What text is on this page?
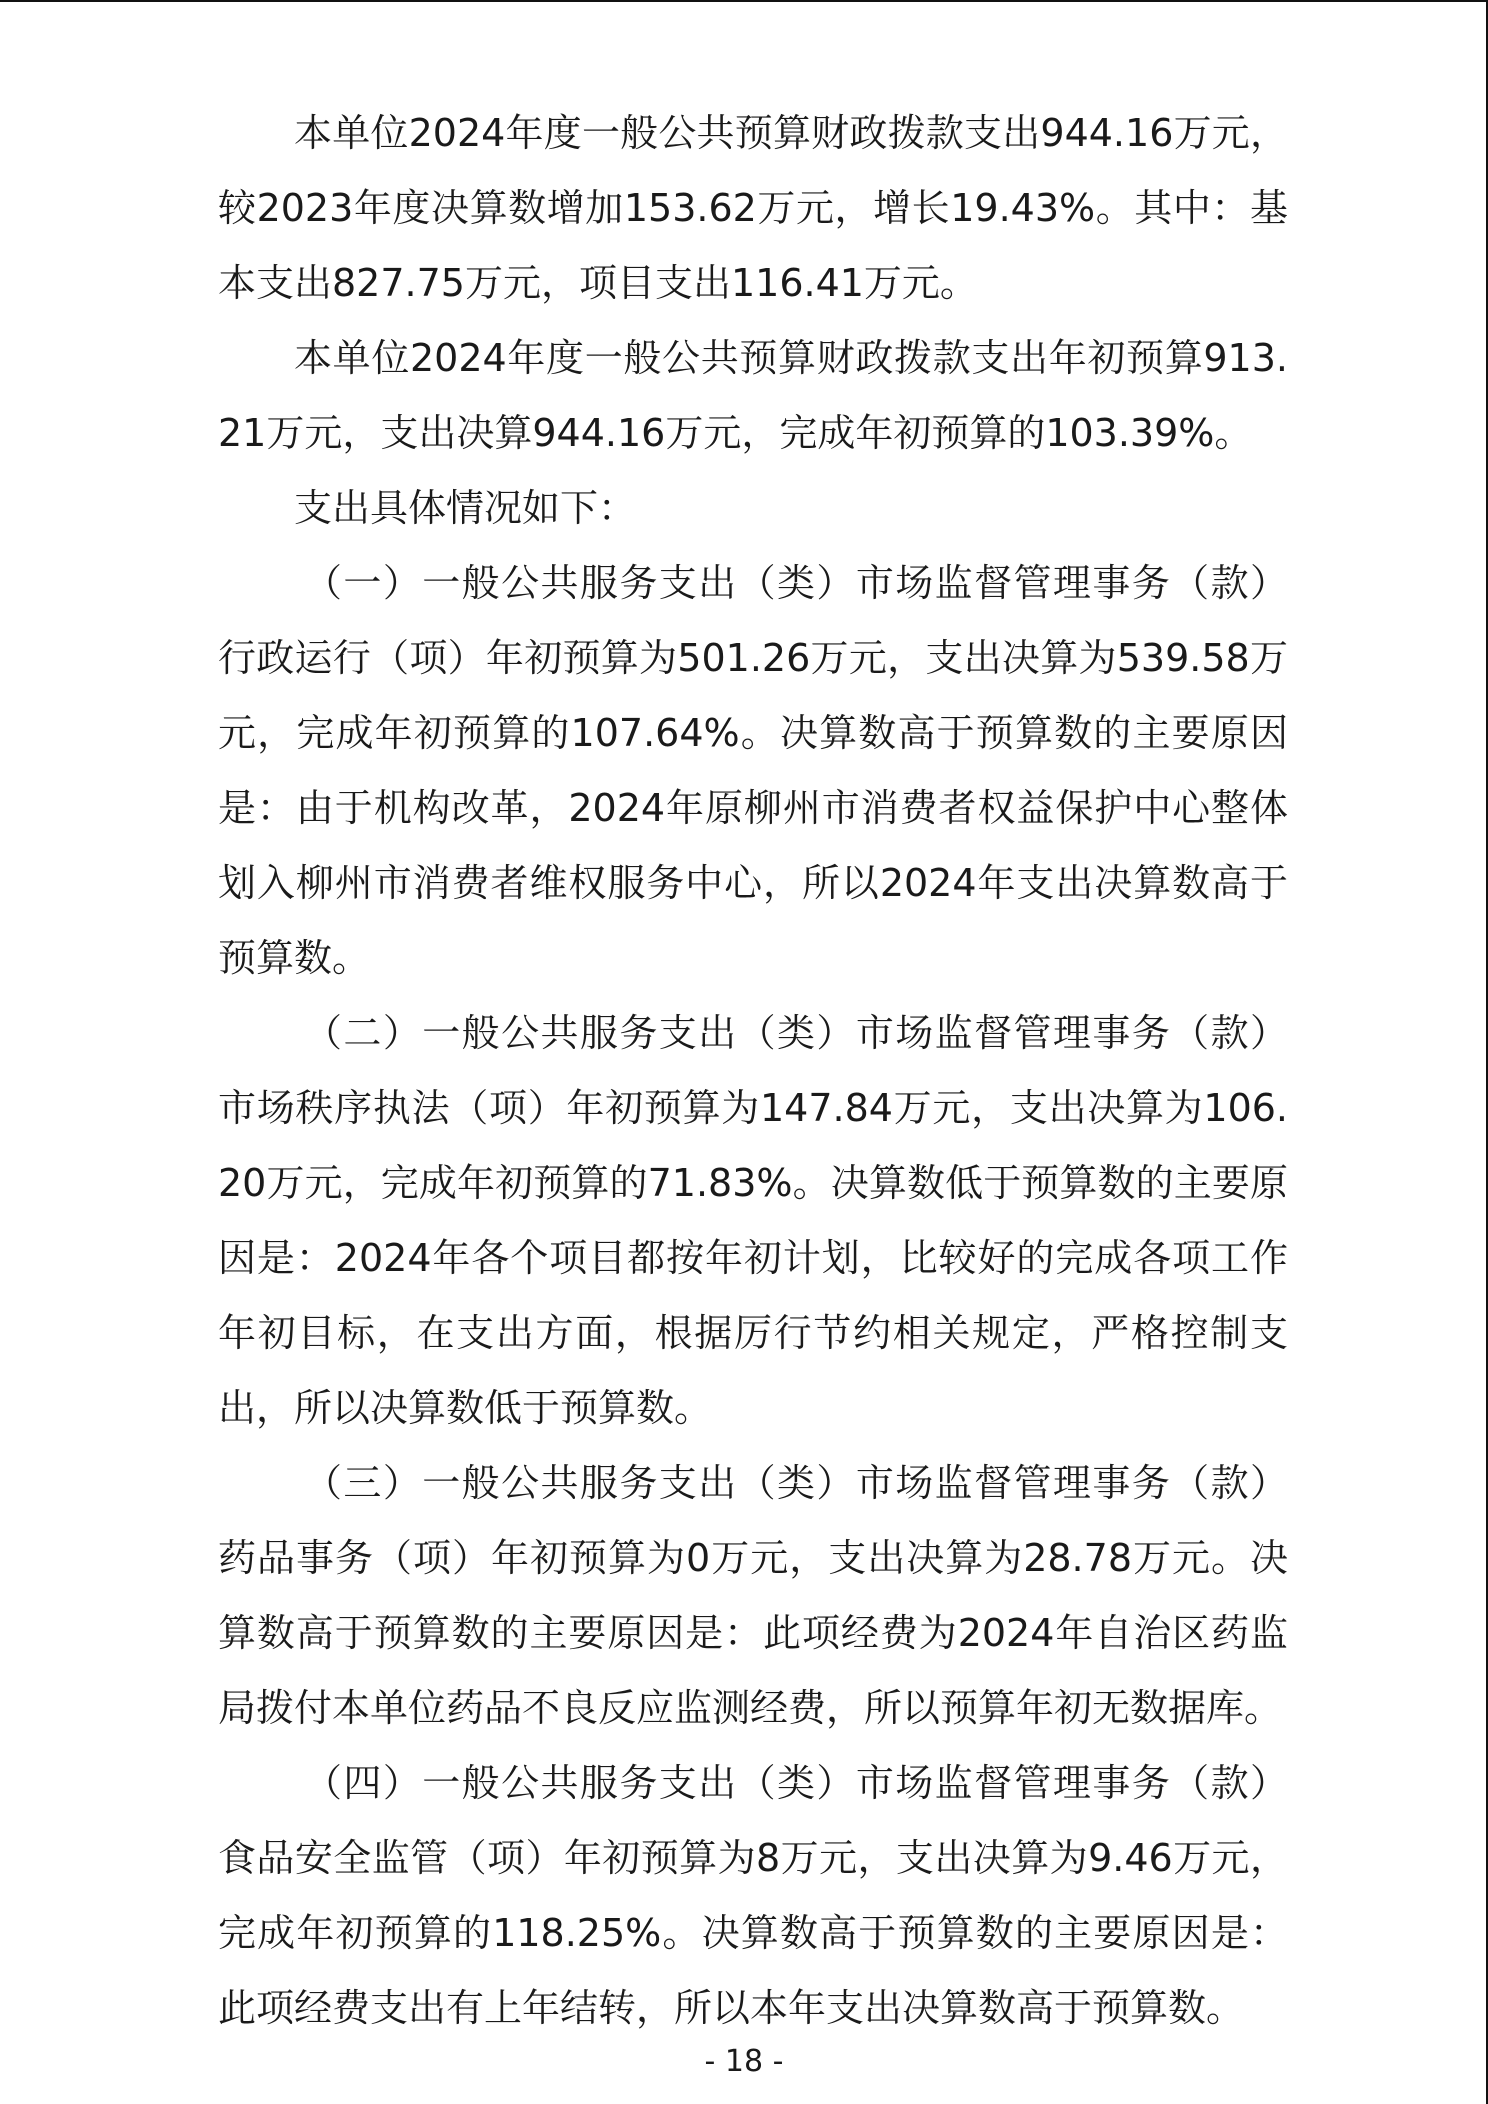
本单位2024年度一般公共预算财政拨款支出944.16万元，较2023年度决算数增加153.62万元，增长19.43%。其中：基本支出827.75万元，项目支出116.41万元。

本单位2024年度一般公共预算财政拨款支出年初预算913.21万元，支出决算944.16万元，完成年初预算的103.39%。

支出具体情况如下：

（一）一般公共服务支出（类）市场监督管理事务（款）行政运行（项）年初预算为501.26万元，支出决算为539.58万元，完成年初预算的107.64%。决算数高于预算数的主要原因是：由于机构改革，2024年原柳州市消费者权益保护中心整体划入柳州市消费者维权服务中心，所以2024年支出决算数高于预算数。

（二）一般公共服务支出（类）市场监督管理事务（款）市场秩序执法（项）年初预算为147.84万元，支出决算为106.20万元，完成年初预算的71.83%。决算数低于预算数的主要原因是：2024年各个项目都按年初计划，比较好的完成各项工作年初目标，在支出方面，根据厉行节约相关规定，严格控制支出，所以决算数低于预算数。

（三）一般公共服务支出（类）市场监督管理事务（款）药品事务（项）年初预算为0万元，支出决算为28.78万元。决算数高于预算数的主要原因是：此项经费为2024年自治区药监局拨付本单位药品不良反应监测经费，所以预算年初无数据库。

（四）一般公共服务支出（类）市场监督管理事务（款）食品安全监管（项）年初预算为8万元，支出决算为9.46万元，完成年初预算的118.25%。决算数高于预算数的主要原因是：此项经费支出有上年结转，所以本年支出决算数高于预算数。

- 18 -
